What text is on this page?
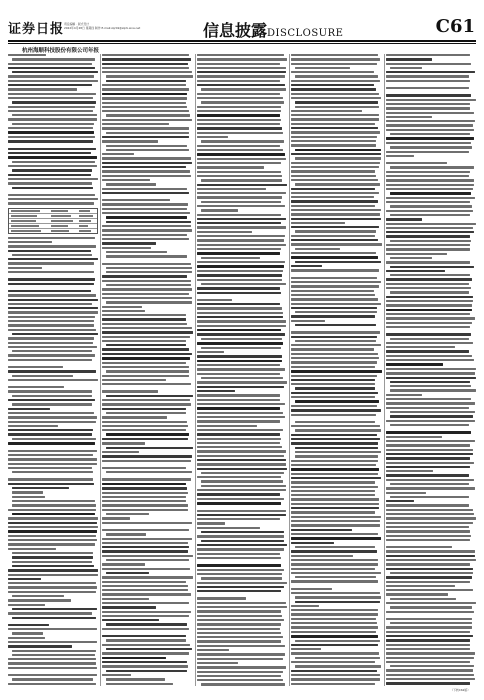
证券日报 责任编辑 · 版式设计
2022年4月28日 星期四 制作 E-mail:zqrb9@zqrb.sina.net	信息披露DISCLOSURE	C61
杭州海顺科技股份有限公司年报
（下转C62版）
